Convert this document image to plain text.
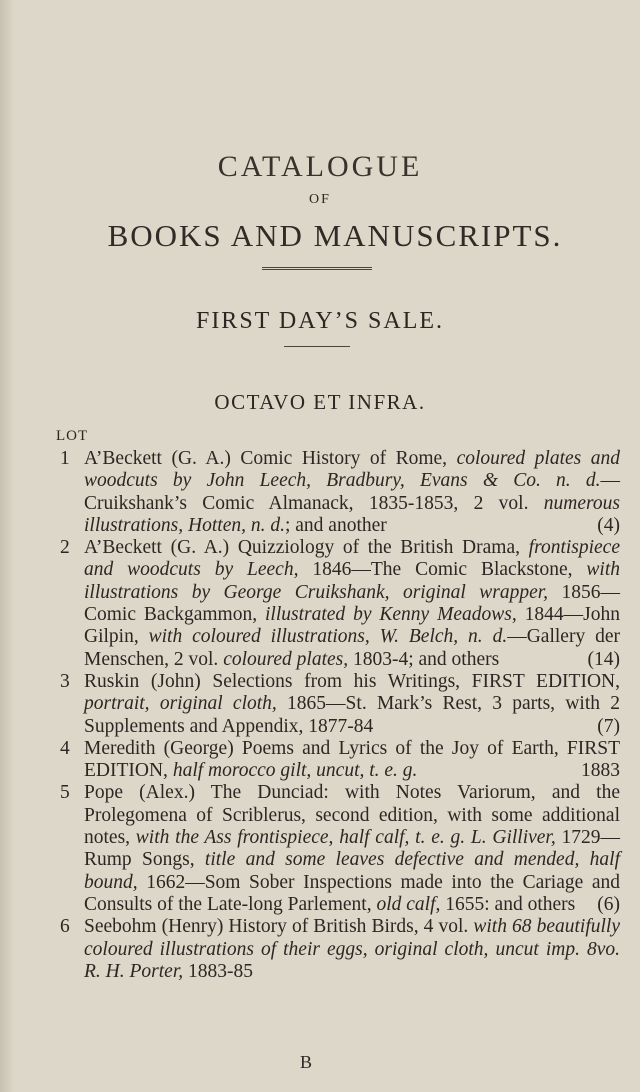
CATALOGUE
OF
BOOKS AND MANUSCRIPTS.
FIRST DAY’S SALE.
OCTAVO ET INFRA.
LOT

1 A’Beckett (G. A.) Comic History of Rome, coloured plates and woodcuts by John Leech, Bradbury, Evans & Co. n. d.—Cruikshank’s Comic Almanack, 1835-1853, 2 vol. numerous illustrations, Hotten, n. d.; and another	(4)

2 A’Beckett (G. A.) Quizziology of the British Drama, frontispiece and woodcuts by Leech, 1846—The Comic Blackstone, with illustrations by George Cruikshank, original wrapper, 1856—Comic Backgammon, illustrated by Kenny Meadows, 1844—John Gilpin, with coloured illustrations, W. Belch, n. d.—Gallery der Menschen, 2 vol. coloured plates, 1803-4; and others	(14)

3 Ruskin (John) Selections from his Writings, FIRST EDITION, portrait, original cloth, 1865—St. Mark’s Rest, 3 parts, with 2 Supplements and Appendix, 1877-84	(7)

4 Meredith (George) Poems and Lyrics of the Joy of Earth, FIRST EDITION, half morocco gilt, uncut, t. e. g.	1883

5 Pope (Alex.) The Dunciad: with Notes Variorum, and the Prolegomena of Scriblerus, second edition, with some additional notes, with the Ass frontispiece, half calf, t. e. g. L. Gilliver, 1729—Rump Songs, title and some leaves defective and mended, half bound, 1662—Som Sober Inspections made into the Cariage and Consults of the Late-long Parlement, old calf, 1655: and others (6)

6 Seebohm (Henry) History of British Birds, 4 vol. with 68 beautifully coloured illustrations of their eggs, original cloth, uncut imp. 8vo. R. H. Porter, 1883-85

B
